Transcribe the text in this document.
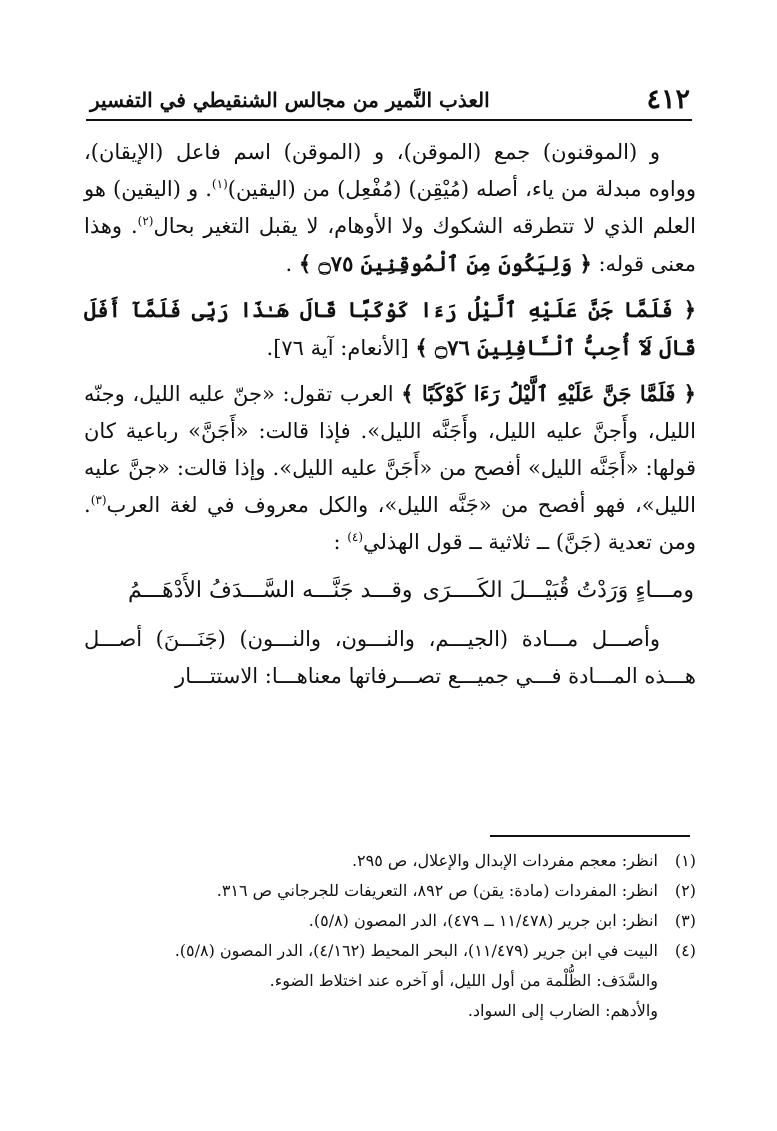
٤١٢
العذب النَّمير من مجالس الشنقيطي في التفسير

و (الموقنون) جمع (الموقن)، و (الموقن) اسم فاعل (الإيقان)، وواوه مبدلة من ياء، أصله (مُيْقِن) (مُفْعِل) من (اليقين)$^{(١)}$. و (اليقين) هو العلم الذي لا تتطرقه الشكوك ولا الأوهام، لا يقبل التغير بحال$^{(٢)}$. وهذا معنى قوله: ﴿ وَلِيَكُونَ مِنَ ٱلْمُوقِنِينَ ۝٧٥ ﴾ .

﴿ فَلَمَّا جَنَّ عَلَيْهِ ٱلَّيْلُ رَءَا كَوْكَبًا قَالَ هَـٰذَا رَبِّى فَلَمَّآ أَفَلَ قَالَ لَآ أُحِبُّ ٱلْـَٔافِلِينَ ۝٧٦ ﴾ [الأنعام: آية ٧٦].

﴿ فَلَمَّا جَنَّ عَلَيْهِ ٱلَّيْلُ رَءَا كَوْكَبًا ﴾ العرب تقول: «جنّ عليه الليل، وجنّه الليل، وأَجنَّ عليه الليل، وأَجَنَّه الليل». فإذا قالت: «أَجَنَّ» رباعية كان قولها: «أَجَنَّه الليل» أفصح من «أَجَنَّ عليه الليل». وإذا قالت: «جنَّ عليه الليل»، فهو أفصح من «جَنَّه الليل»، والكل معروف في لغة العرب$^{(٣)}$. ومن تعدية (جَنَّ) ــ ثلاثية ــ قول الهذلي$^{(٤)}$ :

ومـــاءٍ وَرَدْتُ قُبَيْـــلَ الكَــــرَى
وقـــد جَنَّـــه السَّـــدَفُ الأَدْهَـــمُ

وأصـــل مـــادة (الجيـــم، والنـــون، والنـــون) (جَنَـــنَ) أصـــل هـــذه المـــادة فـــي جميـــع تصـــرفاتها معناهـــا: الاستتـــار

(١)
انظر: معجم مفردات الإبدال والإعلال، ص ٢٩٥.
(٢)
انظر: المفردات (مادة: يقن) ص ٨٩٢، التعريفات للجرجاني ص ٣١٦.
(٣)
انظر: ابن جرير (١١/٤٧٨ ــ ٤٧٩)، الدر المصون (٥/٨).
(٤)
البيت في ابن جرير (١١/٤٧٩)، البحر المحيط (٤/١٦٢)، الدر المصون (٥/٨).
والسَّدَف: الظُّلْمة من أول الليل، أو آخره عند اختلاط الضوء.
والأدهم: الضارب إلى السواد.
